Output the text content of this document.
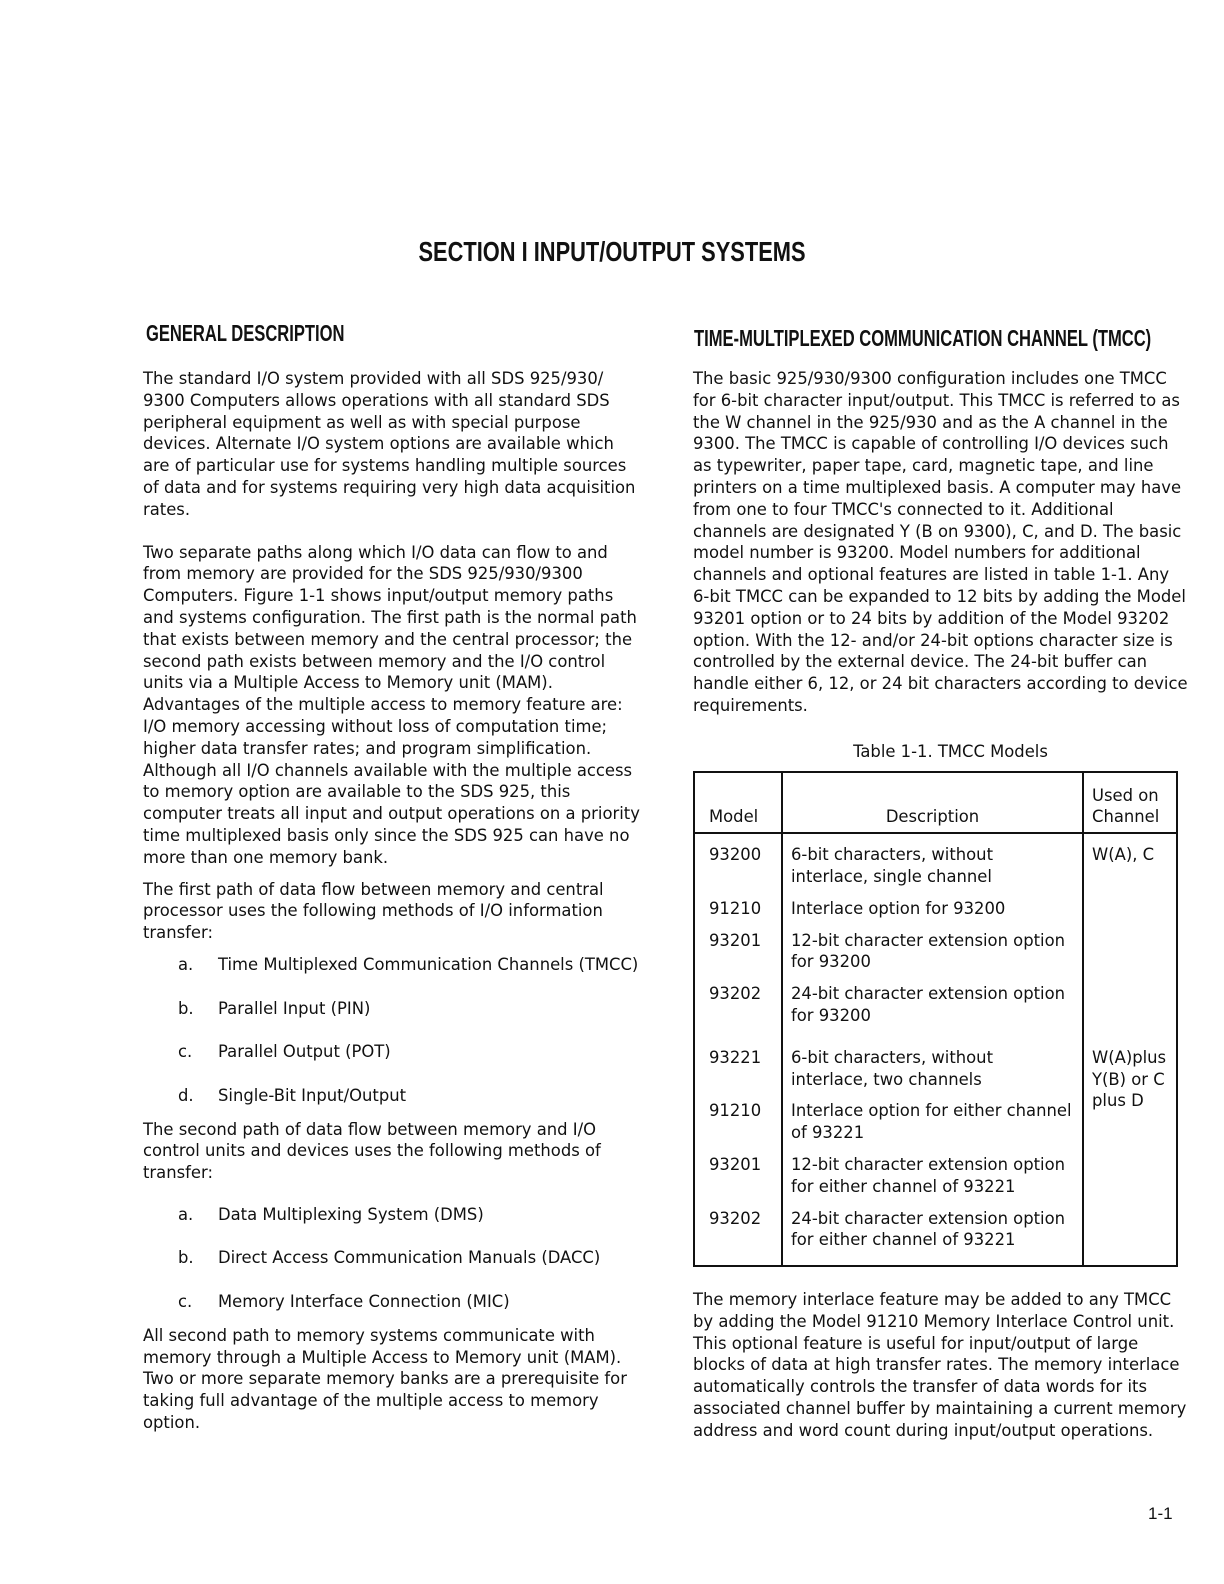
SECTION I INPUT/OUTPUT SYSTEMS
GENERAL DESCRIPTION	TIME-MULTIPLEXED COMMUNICATION CHANNEL (TMCC)

The standard I/O system provided with all SDS 925/930/ 9300 Computers allows operations with all standard SDS peripheral equipment as well as with special purpose devices. Alternate I/O system options are available which are of particular use for systems handling multiple sources of data and for systems requiring very high data acquisition rates.

Two separate paths along which I/O data can flow to and from memory are provided for the SDS 925/930/9300 Computers. Figure 1-1 shows input/output memory paths and systems configuration. The first path is the normal path that exists between memory and the central processor; the second path exists between memory and the I/O control units via a Multiple Access to Memory unit (MAM). Advantages of the multiple access to memory feature are: I/O memory accessing without loss of computation time; higher data transfer rates; and program simplification. Although all I/O channels available with the multiple access to memory option are available to the SDS 925, this computer treats all input and output operations on a priority time multiplexed basis only since the SDS 925 can have no more than one memory bank.

The first path of data flow between memory and central processor uses the following methods of I/O information transfer:

a.	Time Multiplexed Communication Channels (TMCC)
b.	Parallel Input (PIN)
c.	Parallel Output (POT)
d.	Single-Bit Input/Output

The second path of data flow between memory and I/O control units and devices uses the following methods of transfer:

a.	Data Multiplexing System (DMS)
b.	Direct Access Communication Manuals (DACC)
c.	Memory Interface Connection (MIC)

All second path to memory systems communicate with memory through a Multiple Access to Memory unit (MAM). Two or more separate memory banks are a prerequisite for taking full advantage of the multiple access to memory option.

The basic 925/930/9300 configuration includes one TMCC for 6-bit character input/output. This TMCC is referred to as the W channel in the 925/930 and as the A channel in the 9300. The TMCC is capable of controlling I/O devices such as typewriter, paper tape, card, magnetic tape, and line printers on a time multiplexed basis. A computer may have from one to four TMCC's connected to it. Additional channels are designated Y (B on 9300), C, and D. The basic model number is 93200. Model numbers for additional channels and optional features are listed in table 1-1. Any 6-bit TMCC can be expanded to 12 bits by adding the Model 93201 option or to 24 bits by addition of the Model 93202 option. With the 12- and/or 24-bit options character size is controlled by the external device. The 24-bit buffer can handle either 6, 12, or 24 bit characters according to device requirements.

Table 1-1. TMCC Models
Model	Description	Used on
Channel
93200	6-bit characters, without interlace, single channel	W(A), C
91210	Interlace option for 93200	
93201	12-bit character extension option for 93200	
93202	24-bit character extension option for 93200	
93221	6-bit characters, without interlace, two channels	W(A)plus Y(B) or C plus D
91210	Interlace option for either channel of 93221	
93201	12-bit character extension option for either channel of 93221	
93202	24-bit character extension option for either channel of 93221	

The memory interlace feature may be added to any TMCC by adding the Model 91210 Memory Interlace Control unit. This optional feature is useful for input/output of large blocks of data at high transfer rates. The memory interlace automatically controls the transfer of data words for its associated channel buffer by maintaining a current memory address and word count during input/output operations.

1-1
